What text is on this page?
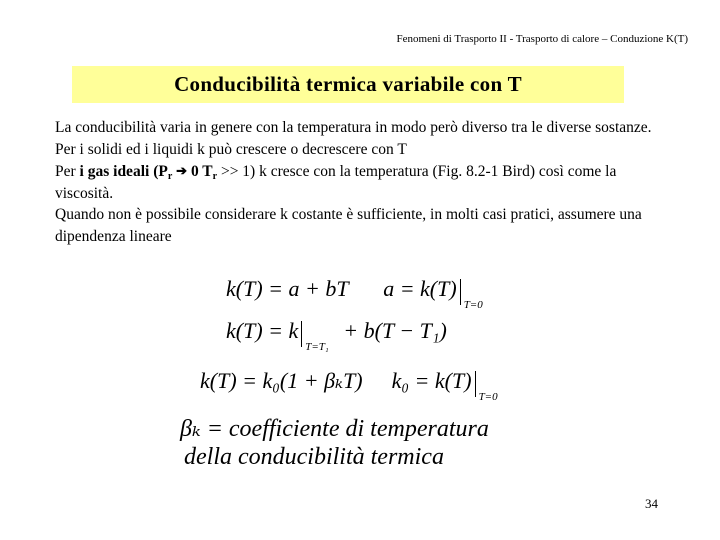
Fenomeni di Trasporto II - Trasporto di calore – Conduzione K(T)
Conducibilità termica variabile con T
La conducibilità varia in genere con la temperatura in modo però diverso tra le diverse sostanze.
Per i solidi ed i liquidi k può crescere o decrescere con T
Per i gas ideali ($P_r$ ➔ 0 $T_r >> 1$) k cresce con la temperatura (Fig. 8.2-1 Bird) così come la viscosità.
Quando non è possibile considerare k costante è sufficiente, in molti casi pratici, assumere una dipendenza lineare
k(T) = a + bT a = k(T)
T=0
k(T) = k
T=T₁
+ b(T − T₁)
k(T) = k₀(1 + βₖT) k₀ = k(T)
T=0
βₖ = coefficiente di temperatura
della conducibilità termica
34
